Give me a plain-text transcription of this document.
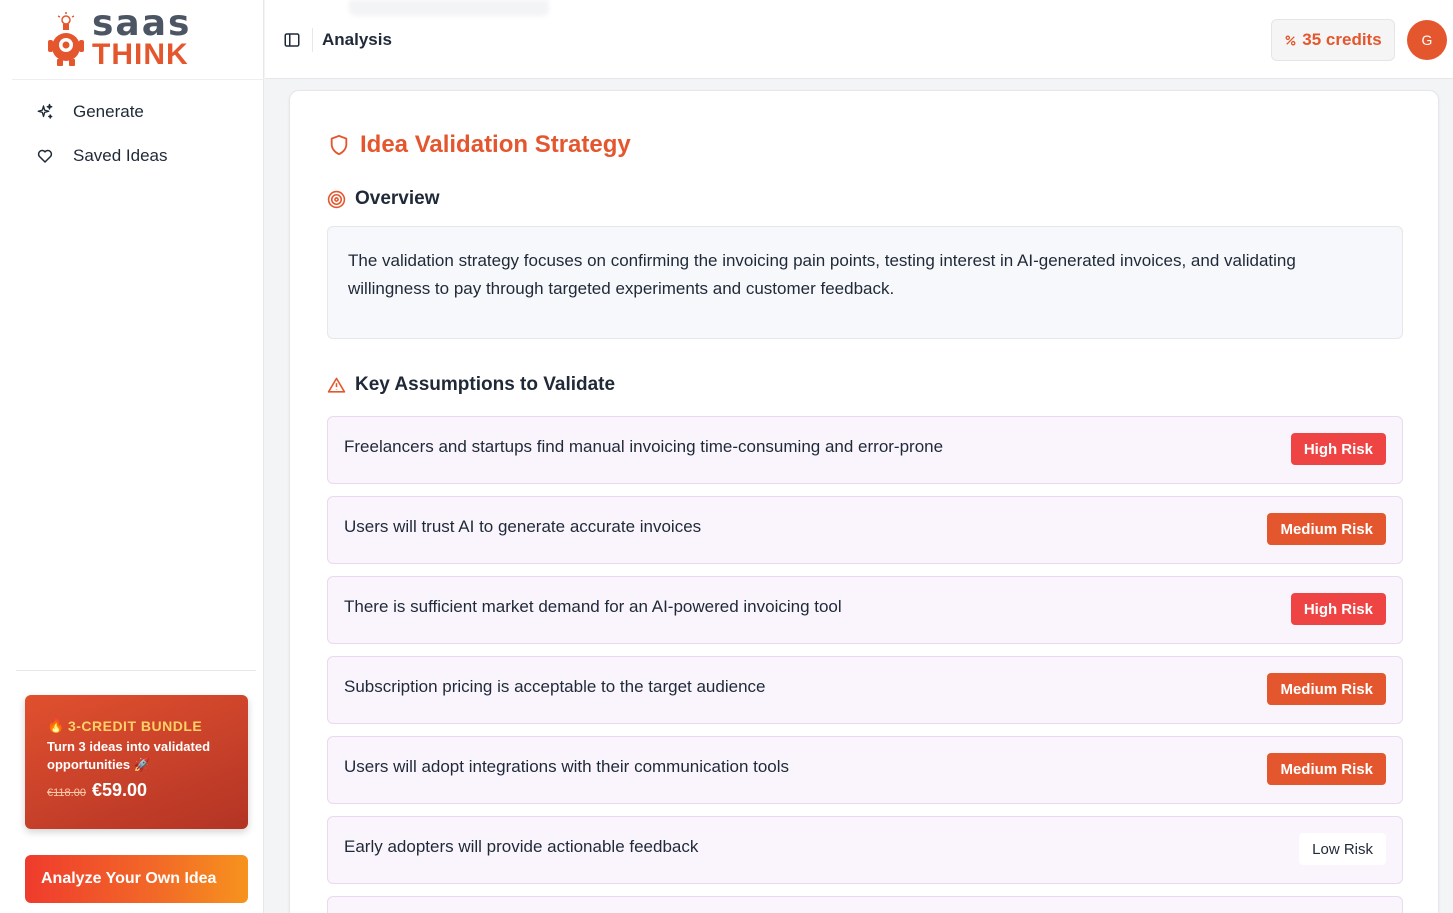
saas
THINK
Generate
Saved Ideas
🔥 3-CREDIT BUNDLE
Turn 3 ideas into validated opportunities 🚀
€118.00 €59.00
Analyze Your Own Idea
Analysis	35 credits	G
Idea Validation Strategy
Overview
The validation strategy focuses on confirming the invoicing pain points, testing interest in AI-generated invoices, and validating willingness to pay through targeted experiments and customer feedback.
Key Assumptions to Validate
Freelancers and startups find manual invoicing time-consuming and error-prone	High Risk
Users will trust AI to generate accurate invoices	Medium Risk
There is sufficient market demand for an AI-powered invoicing tool	High Risk
Subscription pricing is acceptable to the target audience	Medium Risk
Users will adopt integrations with their communication tools	Medium Risk
Early adopters will provide actionable feedback	Low Risk
